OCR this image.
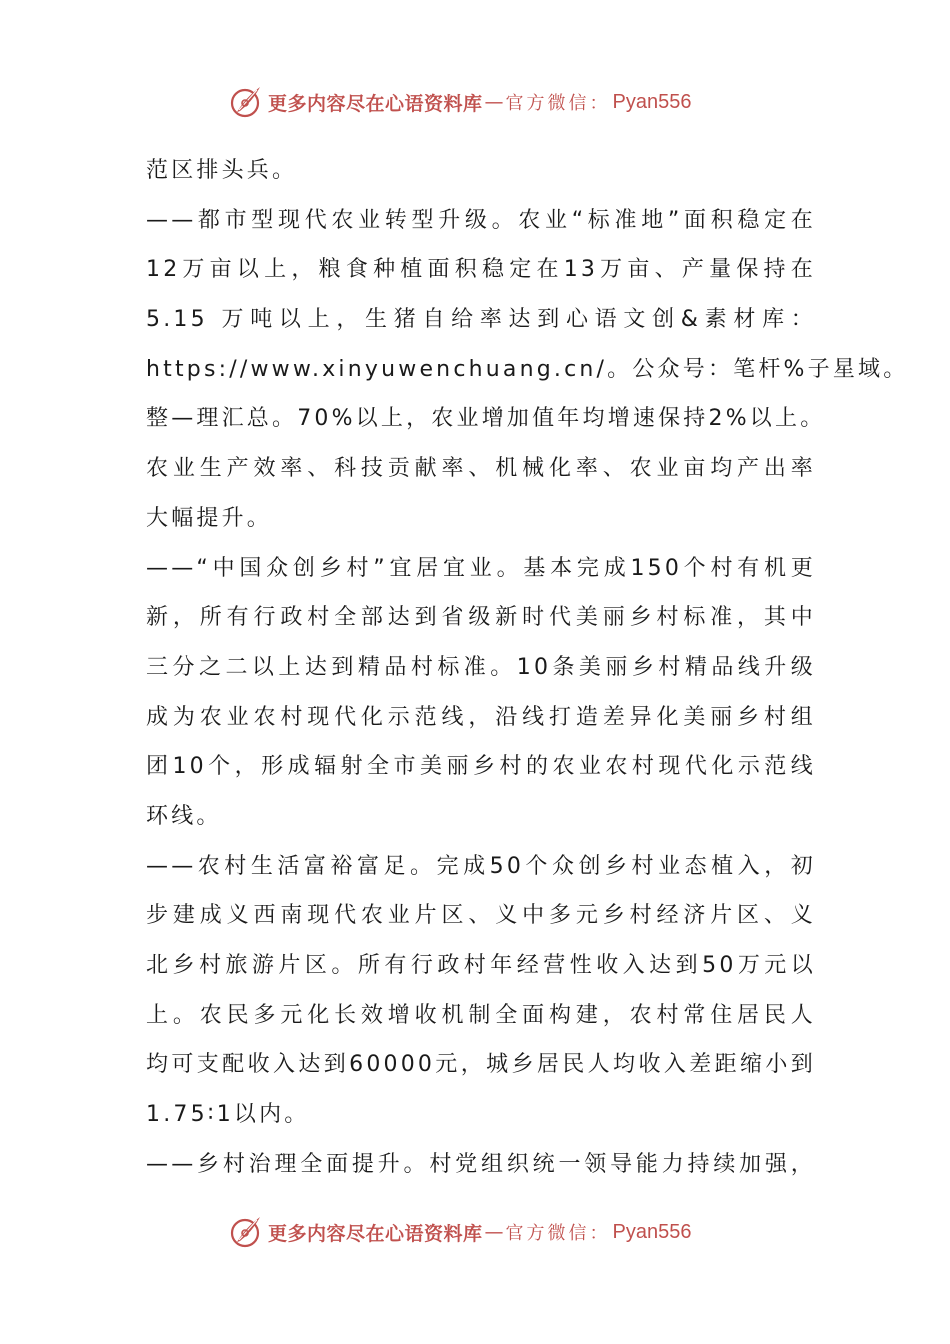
更多内容尽在心语资料库 — 官方微信： Pyan556
范区排头兵。
——都市型现代农业转型升级。农业“标准地”面积稳定在
12万亩以上，粮食种植面积稳定在13万亩、产量保持在
5.15 万吨以上，生猪自给率达到心语文创&素材库：
https://www.xinyuwenchuang.cn/。公众号：笔杆%子星域。
整—理汇总。70%以上，农业增加值年均增速保持2%以上。
农业生产效率、科技贡献率、机械化率、农业亩均产出率
大幅提升。
——“中国众创乡村”宜居宜业。基本完成150个村有机更
新，所有行政村全部达到省级新时代美丽乡村标准，其中
三分之二以上达到精品村标准。10条美丽乡村精品线升级
成为农业农村现代化示范线，沿线打造差异化美丽乡村组
团10个，形成辐射全市美丽乡村的农业农村现代化示范线
环线。
——农村生活富裕富足。完成50个众创乡村业态植入，初
步建成义西南现代农业片区、义中多元乡村经济片区、义
北乡村旅游片区。所有行政村年经营性收入达到50万元以
上。农民多元化长效增收机制全面构建，农村常住居民人
均可支配收入达到60000元，城乡居民人均收入差距缩小到
1.75∶1以内。
——乡村治理全面提升。村党组织统一领导能力持续加强，
更多内容尽在心语资料库 — 官方微信： Pyan556
